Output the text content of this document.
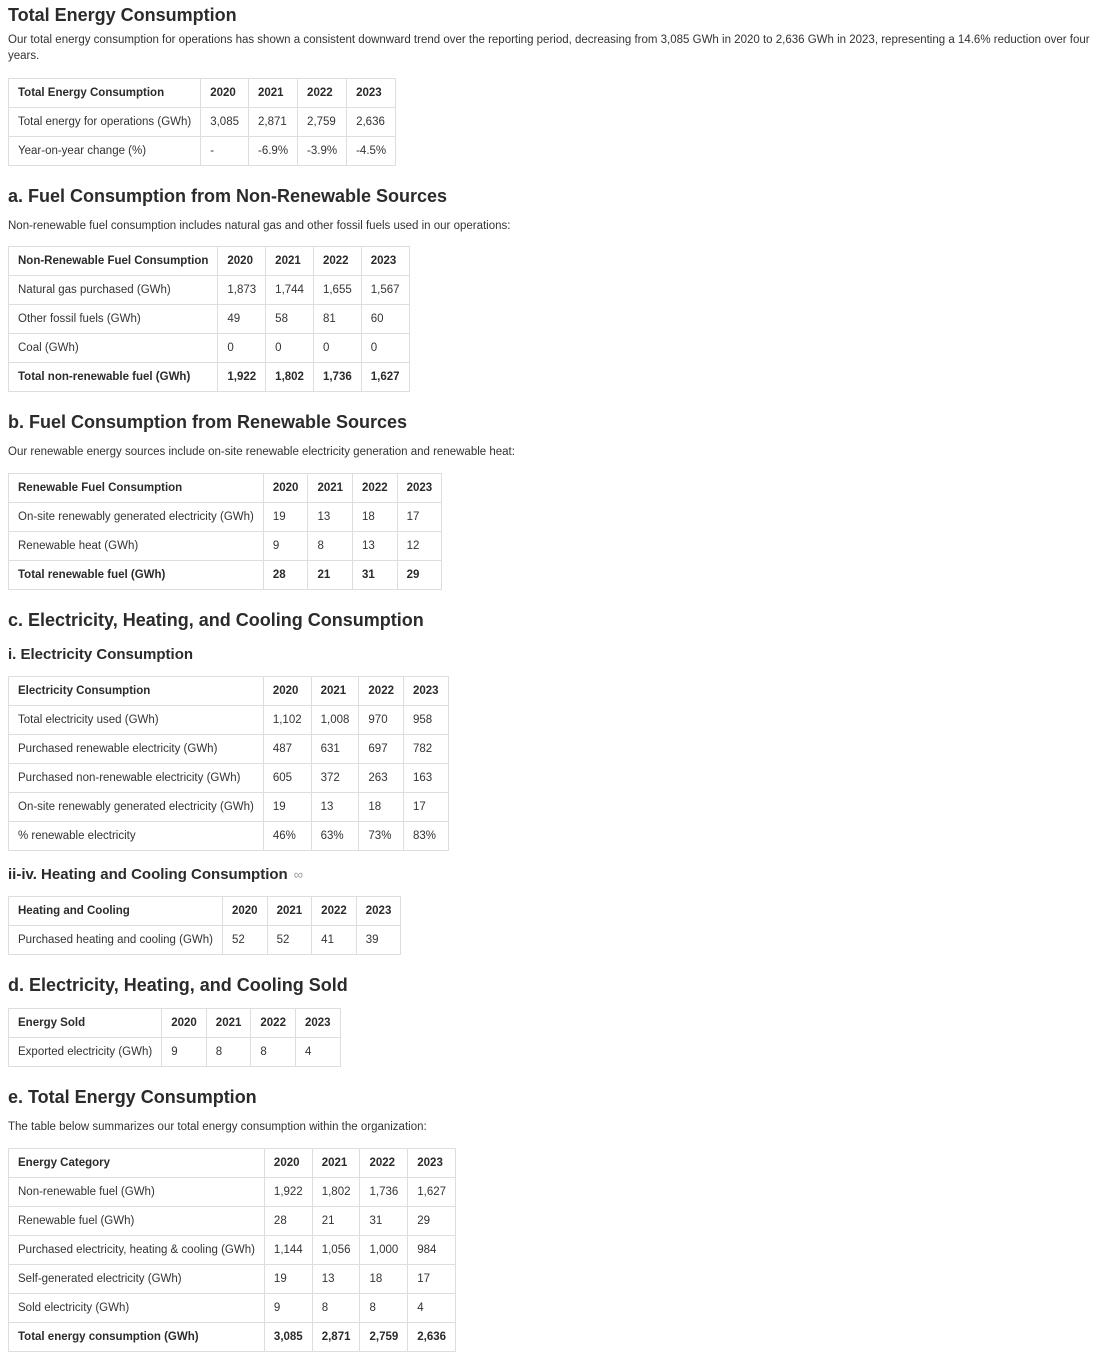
Total Energy Consumption

Our total energy consumption for operations has shown a consistent downward trend over the reporting period, decreasing from 3,085 GWh in 2020 to 2,636 GWh in 2023, representing a 14.6% reduction over four years.

Total Energy Consumption	2020	2021	2022	2023
Total energy for operations (GWh)	3,085	2,871	2,759	2,636
Year-on-year change (%)	-	-6.9%	-3.9%	-4.5%
a. Fuel Consumption from Non-Renewable Sources

Non-renewable fuel consumption includes natural gas and other fossil fuels used in our operations:

Non-Renewable Fuel Consumption	2020	2021	2022	2023
Natural gas purchased (GWh)	1,873	1,744	1,655	1,567
Other fossil fuels (GWh)	49	58	81	60
Coal (GWh)	0	0	0	0
Total non-renewable fuel (GWh)	1,922	1,802	1,736	1,627
b. Fuel Consumption from Renewable Sources

Our renewable energy sources include on-site renewable electricity generation and renewable heat:

Renewable Fuel Consumption	2020	2021	2022	2023
On-site renewably generated electricity (GWh)	19	13	18	17
Renewable heat (GWh)	9	8	13	12
Total renewable fuel (GWh)	28	21	31	29
c. Electricity, Heating, and Cooling Consumption
i. Electricity Consumption
Electricity Consumption	2020	2021	2022	2023
Total electricity used (GWh)	1,102	1,008	970	958
Purchased renewable electricity (GWh)	487	631	697	782
Purchased non-renewable electricity (GWh)	605	372	263	163
On-site renewably generated electricity (GWh)	19	13	18	17
% renewable electricity	46%	63%	73%	83%
ii-iv. Heating and Cooling Consumption ∞
Heating and Cooling	2020	2021	2022	2023
Purchased heating and cooling (GWh)	52	52	41	39
d. Electricity, Heating, and Cooling Sold
Energy Sold	2020	2021	2022	2023
Exported electricity (GWh)	9	8	8	4
e. Total Energy Consumption

The table below summarizes our total energy consumption within the organization:

Energy Category	2020	2021	2022	2023
Non-renewable fuel (GWh)	1,922	1,802	1,736	1,627
Renewable fuel (GWh)	28	21	31	29
Purchased electricity, heating & cooling (GWh)	1,144	1,056	1,000	984
Self-generated electricity (GWh)	19	13	18	17
Sold electricity (GWh)	9	8	8	4
Total energy consumption (GWh)	3,085	2,871	2,759	2,636
